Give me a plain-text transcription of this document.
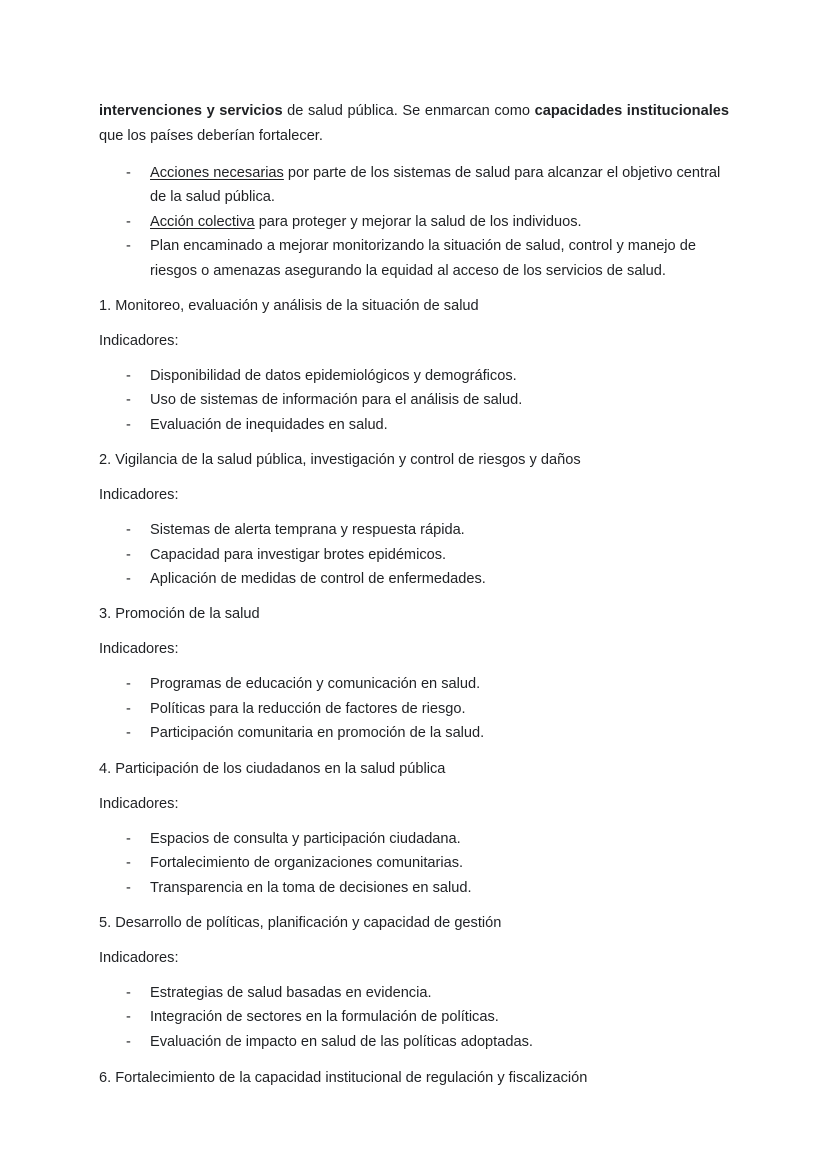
intervenciones y servicios de salud pública. Se enmarcan como capacidades institucionales que los países deberían fortalecer.

- Acciones necesarias por parte de los sistemas de salud para alcanzar el objetivo central de la salud pública.
- Acción colectiva para proteger y mejorar la salud de los individuos.
- Plan encaminado a mejorar monitorizando la situación de salud, control y manejo de riesgos o amenazas asegurando la equidad al acceso de los servicios de salud.

1. Monitoreo, evaluación y análisis de la situación de salud

Indicadores:

- Disponibilidad de datos epidemiológicos y demográficos.
- Uso de sistemas de información para el análisis de salud.
- Evaluación de inequidades en salud.

2. Vigilancia de la salud pública, investigación y control de riesgos y daños

Indicadores:

- Sistemas de alerta temprana y respuesta rápida.
- Capacidad para investigar brotes epidémicos.
- Aplicación de medidas de control de enfermedades.

3. Promoción de la salud

Indicadores:

- Programas de educación y comunicación en salud.
- Políticas para la reducción de factores de riesgo.
- Participación comunitaria en promoción de la salud.

4. Participación de los ciudadanos en la salud pública

Indicadores:

- Espacios de consulta y participación ciudadana.
- Fortalecimiento de organizaciones comunitarias.
- Transparencia en la toma de decisiones en salud.

5. Desarrollo de políticas, planificación y capacidad de gestión

Indicadores:

- Estrategias de salud basadas en evidencia.
- Integración de sectores en la formulación de políticas.
- Evaluación de impacto en salud de las políticas adoptadas.

6. Fortalecimiento de la capacidad institucional de regulación y fiscalización
